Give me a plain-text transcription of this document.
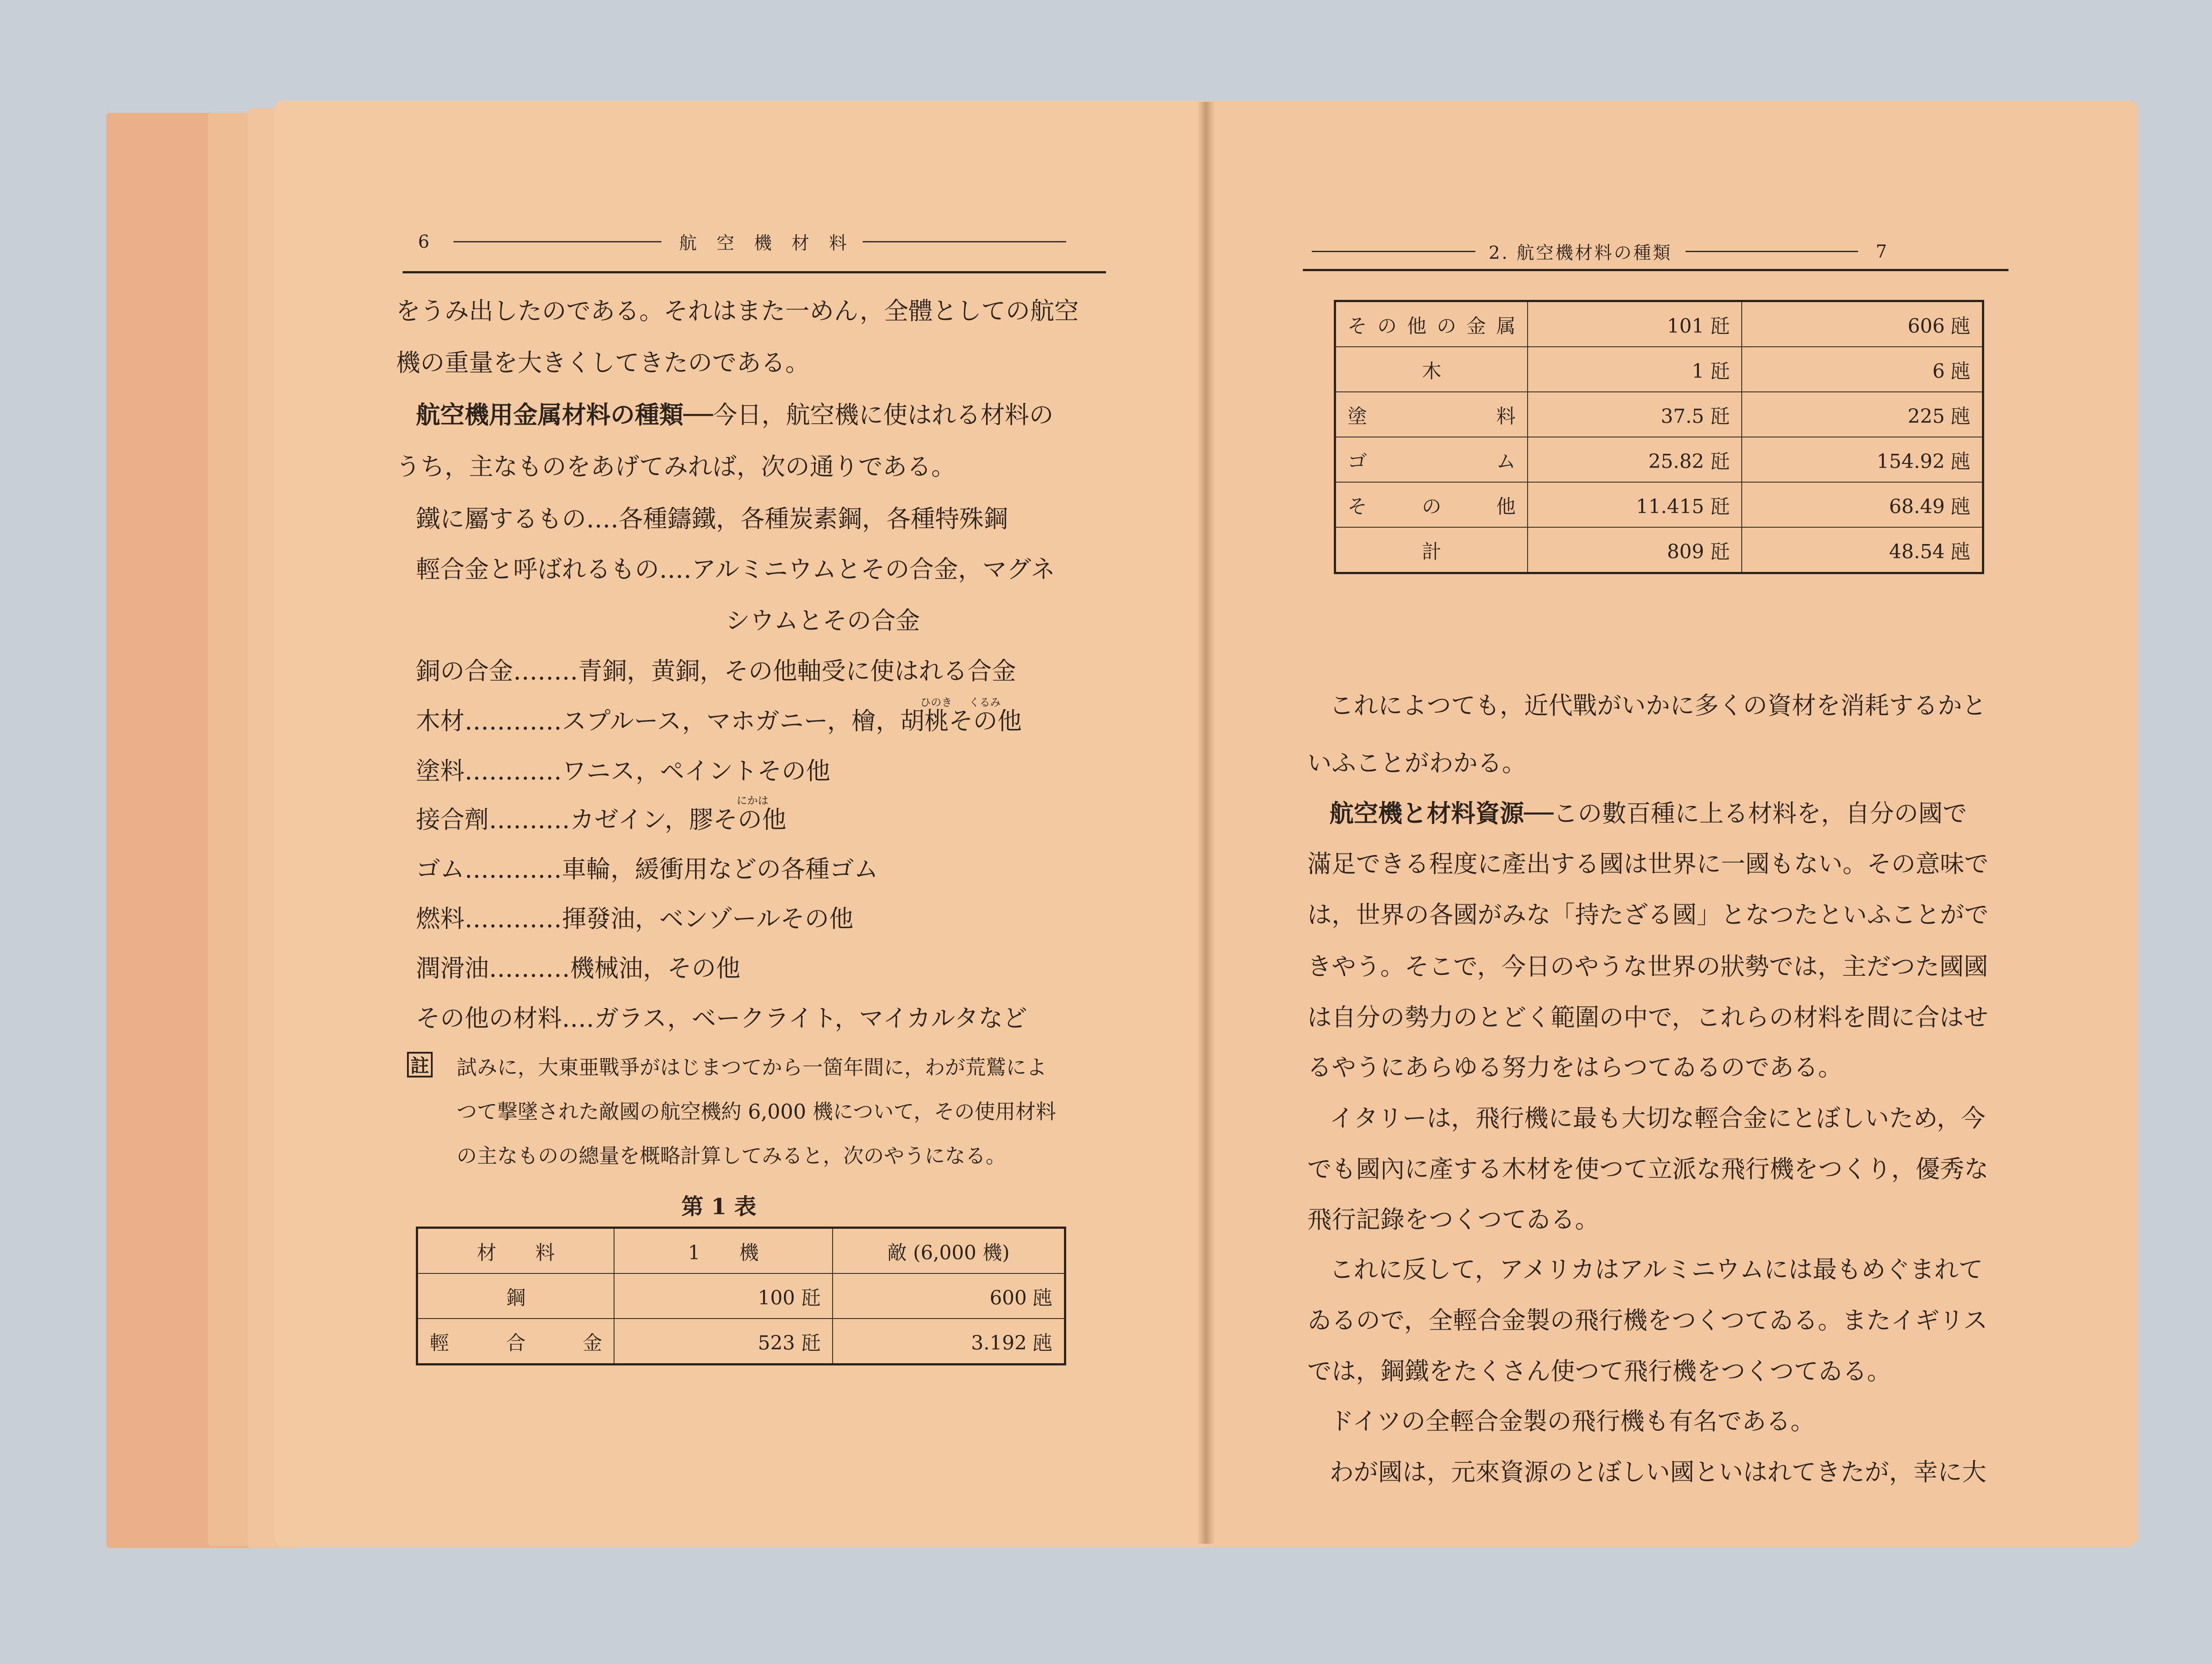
6	航 空 機 材 料
をうみ出したのである。それはまた一めん，全體としての航空
機の重量を大きくしてきたのである。
航空機用金属材料の種類──今日，航空機に使はれる材料の
うち，主なものをあげてみれば，次の通りである。
鐵に屬するもの‥‥各種鑄鐵，各種炭素鋼，各種特殊鋼
輕合金と呼ばれるもの‥‥アルミニウムとその合金，マグネ
シウムとその合金
銅の合金‥‥‥‥青銅，黄銅，その他軸受に使はれる合金
ひのき くるみ
木材‥‥‥‥‥‥スプルース，マホガニー，檜，胡桃その他
塗料‥‥‥‥‥‥ワニス，ペイントその他
にかは
接合劑‥‥‥‥‥カゼイン，膠その他
ゴム‥‥‥‥‥‥車輪，緩衝用などの各種ゴム
燃料‥‥‥‥‥‥揮發油，ベンゾールその他
潤滑油‥‥‥‥‥機械油，その他
その他の材料‥‥ガラス，ベークライト，マイカルタなど
註 試みに，大東亜戰爭がはじまつてから一箇年間に，わが荒鷲によ
つて撃墜された敵國の航空機約 6,000 機について，その使用材料
の主なものの總量を概略計算してみると，次のやうになる。
第 1 表
材　　料	1　　機	敵 (6,000 機)
鋼	100 瓩	600 瓲
輕合金	523 瓩	3.192 瓲
2. 航空機材料の種類	7
その他の金属	101 瓩	606 瓲
木	1 瓩	6 瓲
塗料	37.5 瓩	225 瓲
ゴム	25.82 瓩	154.92 瓲
その他	11.415 瓩	68.49 瓲
計	809 瓩	48.54 瓲
これによつても，近代戰がいかに多くの資材を消耗するかと
いふことがわかる。
航空機と材料資源──この數百種に上る材料を，自分の國で
滿足できる程度に產出する國は世界に一國もない。その意味で
は，世界の各國がみな「持たざる國」となつたといふことがで
きやう。そこで，今日のやうな世界の狀勢では，主だつた國國
は自分の勢力のとどく範圍の中で，これらの材料を間に合はせ
るやうにあらゆる努力をはらつてゐるのである。
イタリーは，飛行機に最も大切な輕合金にとぼしいため，今
でも國內に產する木材を使つて立派な飛行機をつくり，優秀な
飛行記錄をつくつてゐる。
これに反して，アメリカはアルミニウムには最もめぐまれて
ゐるので，全輕合金製の飛行機をつくつてゐる。またイギリス
では，鋼鐵をたくさん使つて飛行機をつくつてゐる。
ドイツの全輕合金製の飛行機も有名である。
わが國は，元來資源のとぼしい國といはれてきたが，幸に大
